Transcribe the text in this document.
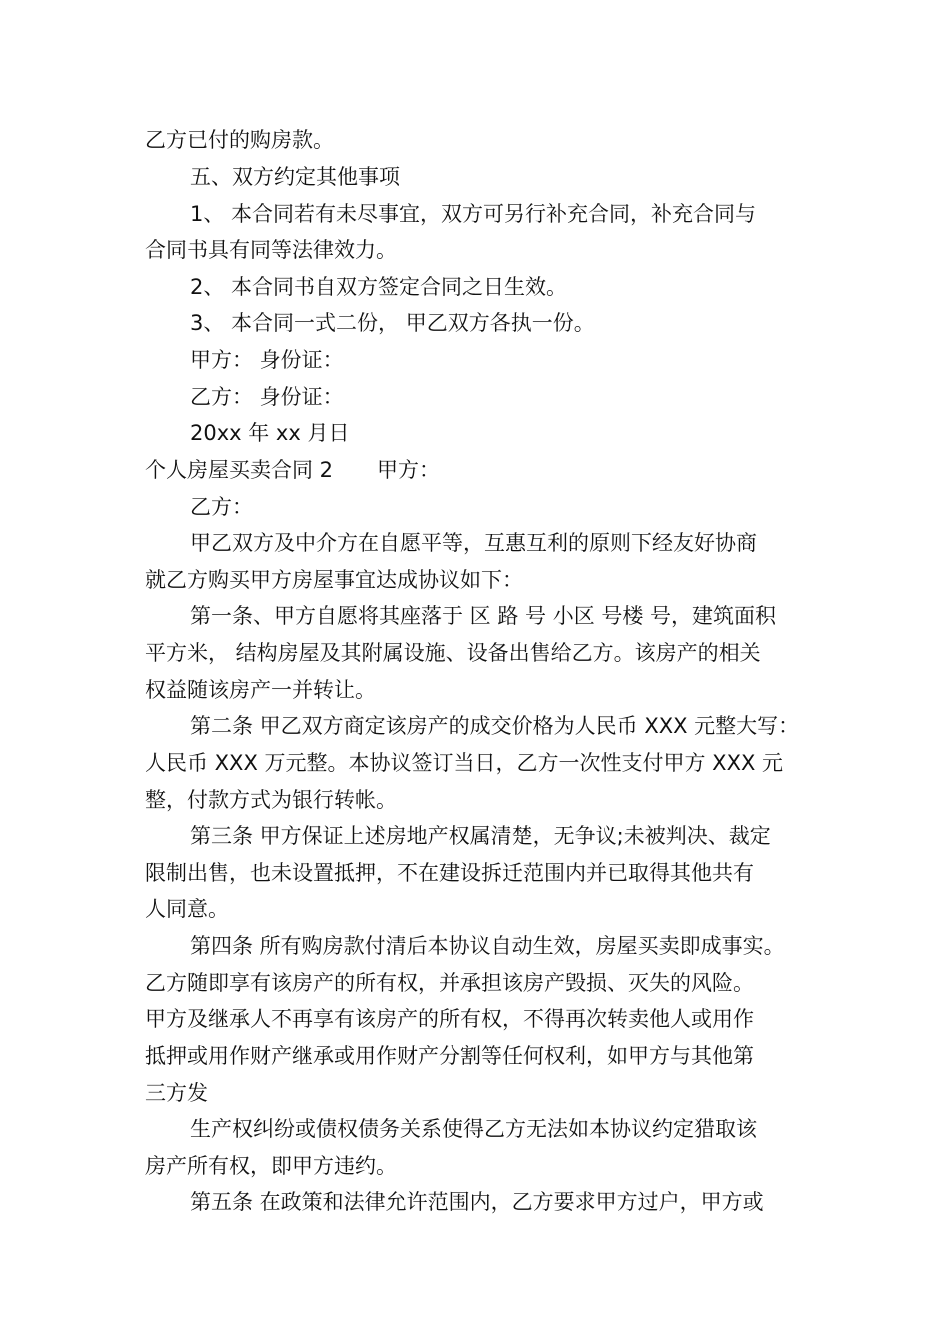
乙方已付的购房款。
五、双方约定其他事项
1、 本合同若有未尽事宜，双方可另行补充合同，补充合同与
合同书具有同等法律效力。
2、 本合同书自双方签定合同之日生效。
3、 本合同一式二份， 甲乙双方各执一份。
甲方： 身份证：
乙方： 身份证：
20xx 年 xx 月日
个人房屋买卖合同 2 甲方：
乙方：
甲乙双方及中介方在自愿平等，互惠互利的原则下经友好协商
就乙方购买甲方房屋事宜达成协议如下：
第一条、甲方自愿将其座落于 区 路 号 小区 号楼 号，建筑面积
平方米， 结构房屋及其附属设施、设备出售给乙方。该房产的相关
权益随该房产一并转让。
第二条 甲乙双方商定该房产的成交价格为人民币 XXX 元整大写：
人民币 XXX 万元整。本协议签订当日，乙方一次性支付甲方 XXX 元
整，付款方式为银行转帐。
第三条 甲方保证上述房地产权属清楚，无争议;未被判决、裁定
限制出售，也未设置抵押，不在建设拆迁范围内并已取得其他共有
人同意。
第四条 所有购房款付清后本协议自动生效，房屋买卖即成事实。
乙方随即享有该房产的所有权，并承担该房产毁损、灭失的风险。
甲方及继承人不再享有该房产的所有权，不得再次转卖他人或用作
抵押或用作财产继承或用作财产分割等任何权利，如甲方与其他第
三方发
生产权纠纷或债权债务关系使得乙方无法如本协议约定猎取该
房产所有权，即甲方违约。
第五条 在政策和法律允许范围内，乙方要求甲方过户，甲方或
